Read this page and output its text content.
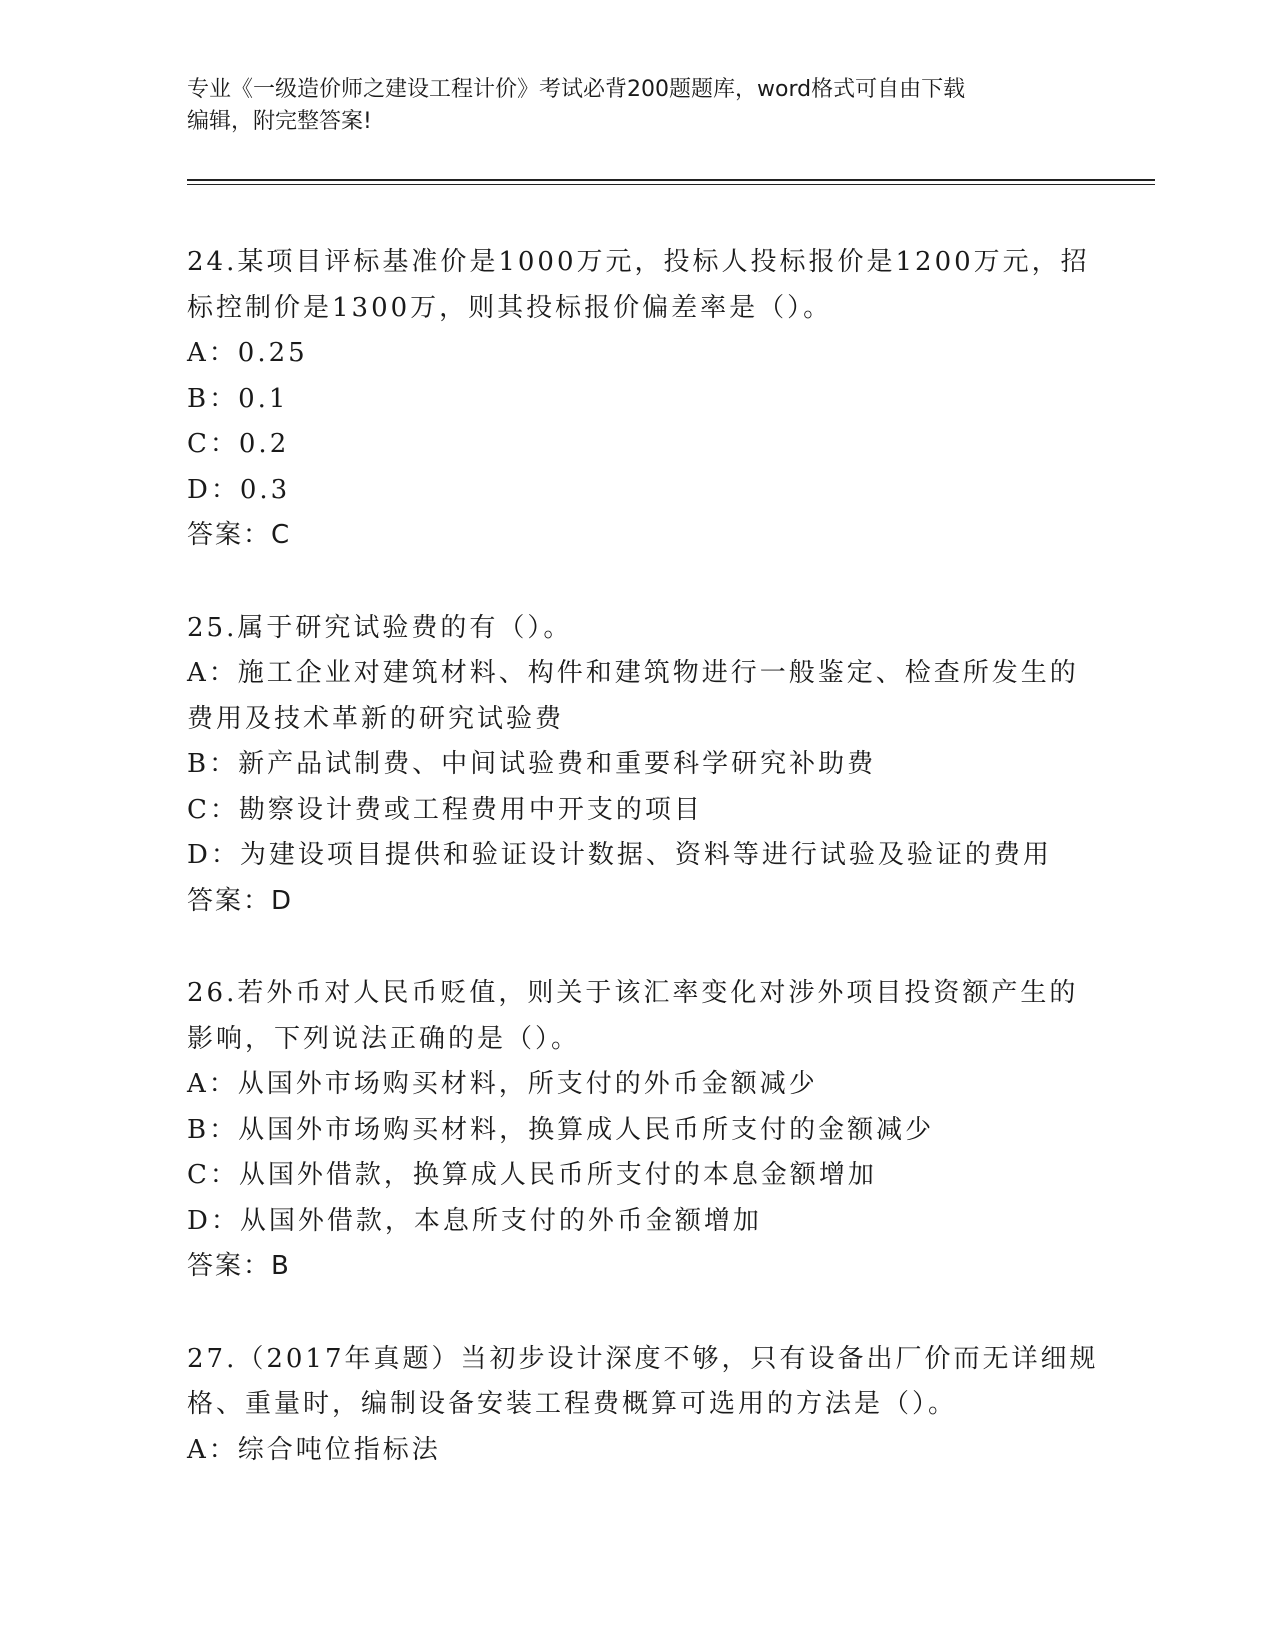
专业《一级造价师之建设工程计价》考试必背200题题库，word格式可自由下载
编辑，附完整答案!
24.某项目评标基准价是1000万元，投标人投标报价是1200万元，招
标控制价是1300万，则其投标报价偏差率是（）。
A：0.25
B：0.1
C：0.2
D：0.3
答案：C
25.属于研究试验费的有（）。
A：施工企业对建筑材料、构件和建筑物进行一般鉴定、检查所发生的
费用及技术革新的研究试验费
B：新产品试制费、中间试验费和重要科学研究补助费
C：勘察设计费或工程费用中开支的项目
D：为建设项目提供和验证设计数据、资料等进行试验及验证的费用
答案：D
26.若外币对人民币贬值，则关于该汇率变化对涉外项目投资额产生的
影响，下列说法正确的是（）。
A：从国外市场购买材料，所支付的外币金额减少
B：从国外市场购买材料，换算成人民币所支付的金额减少
C：从国外借款，换算成人民币所支付的本息金额增加
D：从国外借款，本息所支付的外币金额增加
答案：B
27.（2017年真题）当初步设计深度不够，只有设备出厂价而无详细规
格、重量时，编制设备安装工程费概算可选用的方法是（）。
A：综合吨位指标法
